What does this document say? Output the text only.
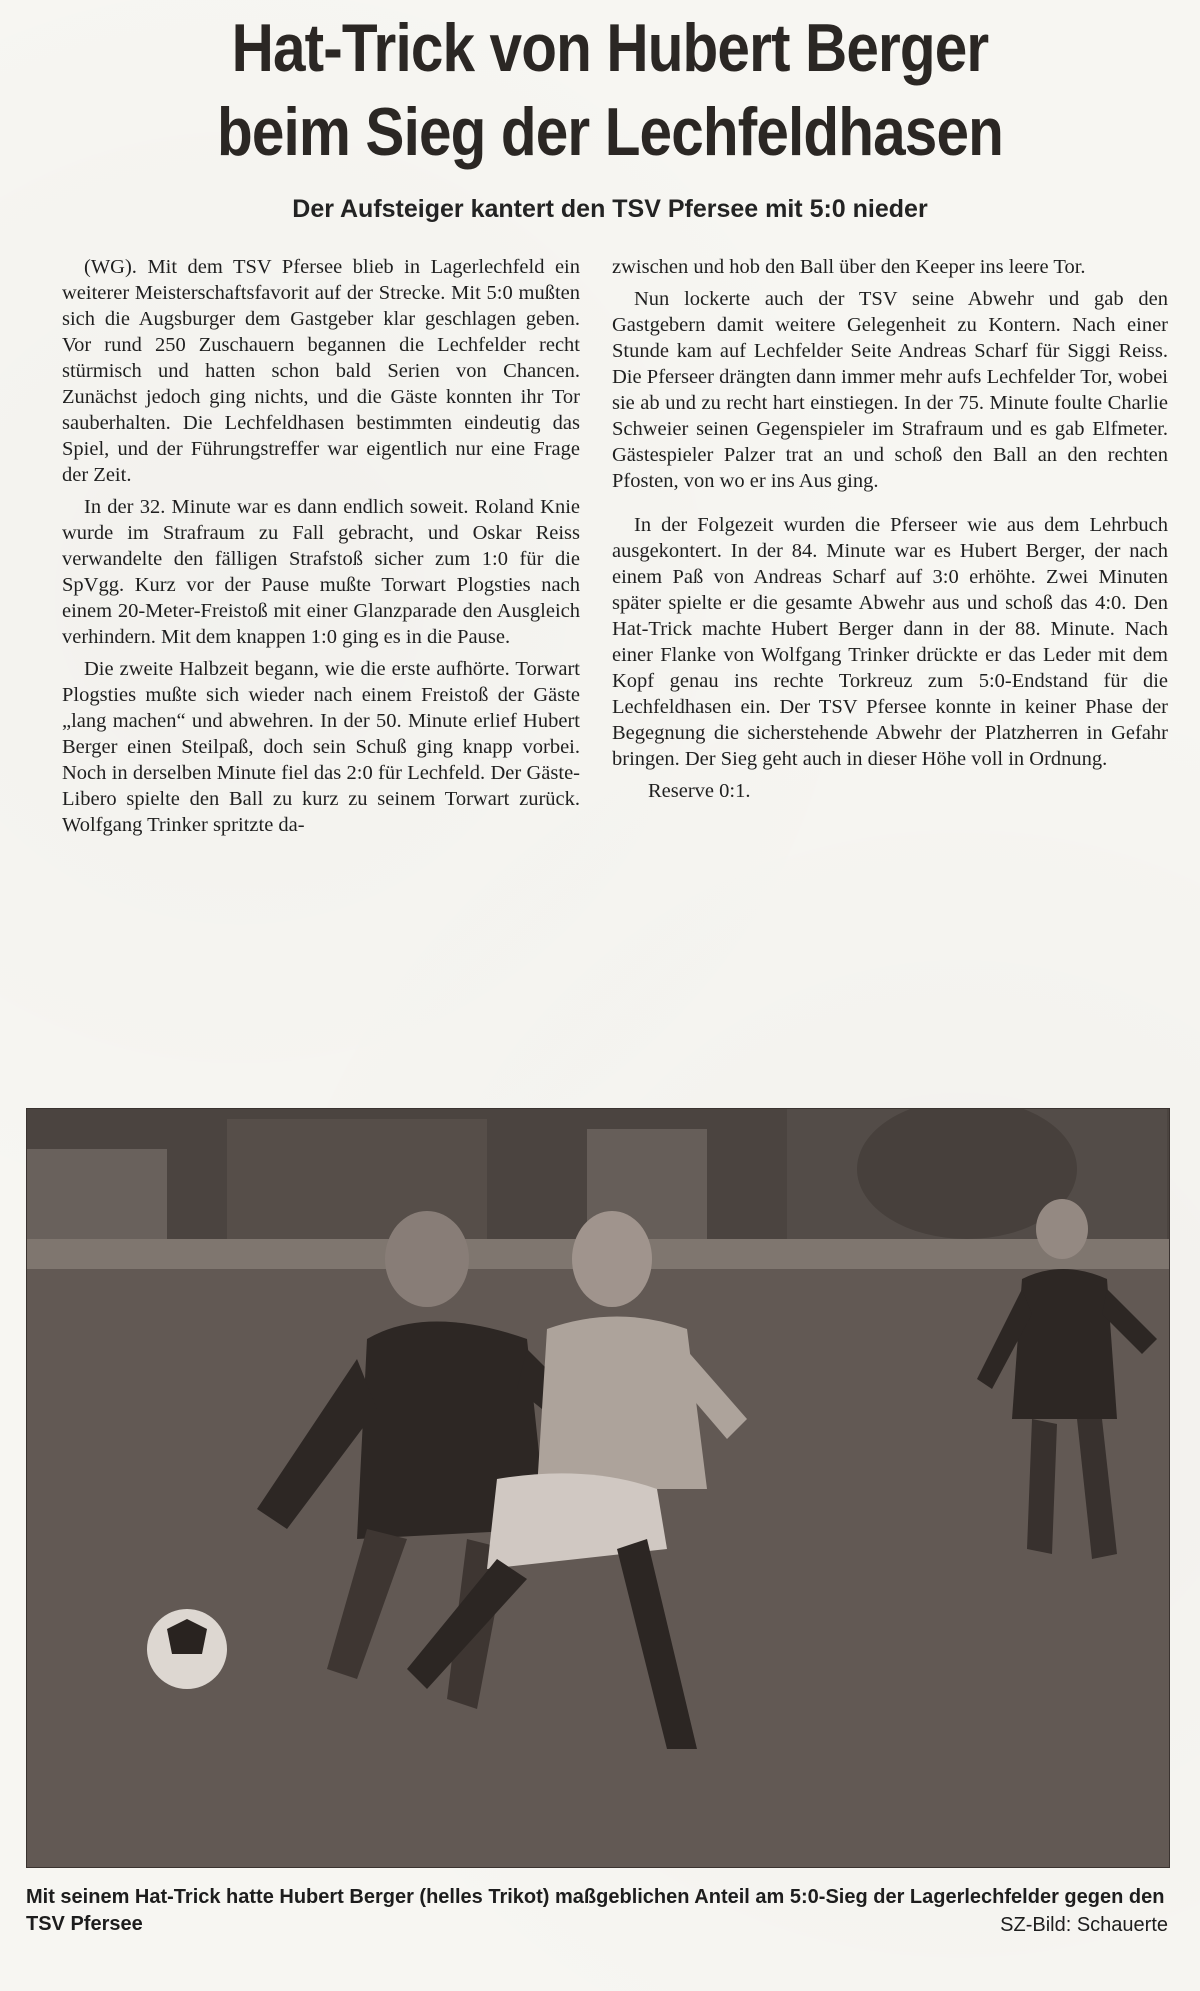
Hat-Trick von Hubert Berger
beim Sieg der Lechfeldhasen
Der Aufsteiger kantert den TSV Pfersee mit 5:0 nieder

(WG). Mit dem TSV Pfersee blieb in Lagerlechfeld ein weiterer Meisterschaftsfavorit auf der Strecke. Mit 5:0 mußten sich die Augsburger dem Gastgeber klar geschlagen geben. Vor rund 250 Zuschauern begannen die Lechfelder recht stürmisch und hatten schon bald Serien von Chancen. Zunächst jedoch ging nichts, und die Gäste konnten ihr Tor sauberhalten. Die Lechfeldhasen bestimmten eindeutig das Spiel, und der Führungstreffer war eigentlich nur eine Frage der Zeit.

In der 32. Minute war es dann endlich soweit. Roland Knie wurde im Strafraum zu Fall gebracht, und Oskar Reiss verwandelte den fälligen Strafstoß sicher zum 1:0 für die SpVgg. Kurz vor der Pause mußte Torwart Plogsties nach einem 20-Meter-Freistoß mit einer Glanzparade den Ausgleich verhindern. Mit dem knappen 1:0 ging es in die Pause.

Die zweite Halbzeit begann, wie die erste aufhörte. Torwart Plogsties mußte sich wieder nach einem Freistoß der Gäste „lang machen“ und abwehren. In der 50. Minute erlief Hubert Berger einen Steilpaß, doch sein Schuß ging knapp vorbei. Noch in derselben Minute fiel das 2:0 für Lechfeld. Der Gäste-Libero spielte den Ball zu kurz zu seinem Torwart zurück. Wolfgang Trinker spritzte da-

zwischen und hob den Ball über den Keeper ins leere Tor.

Nun lockerte auch der TSV seine Abwehr und gab den Gastgebern damit weitere Gelegenheit zu Kontern. Nach einer Stunde kam auf Lechfelder Seite Andreas Scharf für Siggi Reiss. Die Pferseer drängten dann immer mehr aufs Lechfelder Tor, wobei sie ab und zu recht hart einstiegen. In der 75. Minute foulte Charlie Schweier seinen Gegenspieler im Strafraum und es gab Elfmeter. Gästespieler Palzer trat an und schoß den Ball an den rechten Pfosten, von wo er ins Aus ging.

In der Folgezeit wurden die Pferseer wie aus dem Lehrbuch ausgekontert. In der 84. Minute war es Hubert Berger, der nach einem Paß von Andreas Scharf auf 3:0 erhöhte. Zwei Minuten später spielte er die gesamte Abwehr aus und schoß das 4:0. Den Hat-Trick machte Hubert Berger dann in der 88. Minute. Nach einer Flanke von Wolfgang Trinker drückte er das Leder mit dem Kopf genau ins rechte Torkreuz zum 5:0-Endstand für die Lechfeldhasen ein. Der TSV Pfersee konnte in keiner Phase der Begegnung die sicherstehende Abwehr der Platzherren in Gefahr bringen. Der Sieg geht auch in dieser Höhe voll in Ordnung.

Reserve 0:1.

Mit seinem Hat-Trick hatte Hubert Berger (helles Trikot) maßgeblichen Anteil am 5:0-Sieg der Lagerlechfelder gegen den TSV Pfersee	SZ-Bild: Schauerte
